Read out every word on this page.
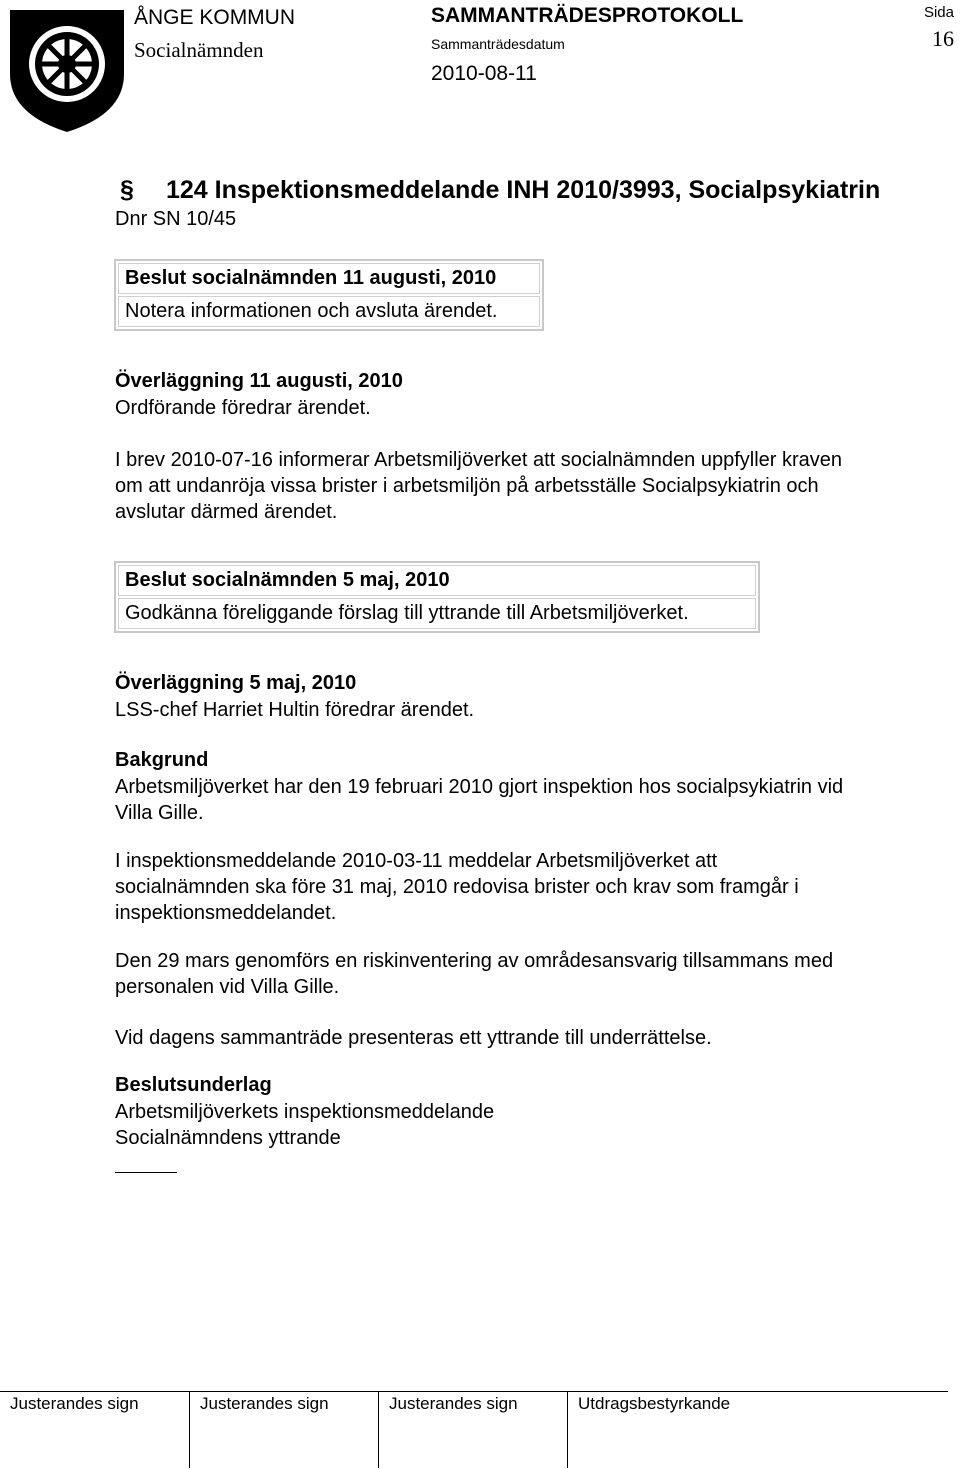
ÅNGE KOMMUN
Socialnämnden
SAMMANTRÄDESPROTOKOLL
Sammanträdesdatum
2010-08-11
Sida
16
§ 124 Inspektionsmeddelande INH 2010/3993, Socialpsykiatrin
Dnr SN 10/45
Beslut socialnämnden 11 augusti, 2010
Notera informationen och avsluta ärendet.
Överläggning 11 augusti, 2010
Ordförande föredrar ärendet.
I brev 2010-07-16 informerar Arbetsmiljöverket att socialnämnden uppfyller kraven
om att undanröja vissa brister i arbetsmiljön på arbetsställe Socialpsykiatrin och
avslutar därmed ärendet.
Beslut socialnämnden 5 maj, 2010
Godkänna föreliggande förslag till yttrande till Arbetsmiljöverket.
Överläggning 5 maj, 2010
LSS-chef Harriet Hultin föredrar ärendet.
Bakgrund
Arbetsmiljöverket har den 19 februari 2010 gjort inspektion hos socialpsykiatrin vid
Villa Gille.
I inspektionsmeddelande 2010-03-11 meddelar Arbetsmiljöverket att
socialnämnden ska före 31 maj, 2010 redovisa brister och krav som framgår i
inspektionsmeddelandet.
Den 29 mars genomförs en riskinventering av områdesansvarig tillsammans med
personalen vid Villa Gille.
Vid dagens sammanträde presenteras ett yttrande till underrättelse.
Beslutsunderlag
Arbetsmiljöverkets inspektionsmeddelande
Socialnämndens yttrande
Justerandes sign	Justerandes sign	Justerandes sign	Utdragsbestyrkande
